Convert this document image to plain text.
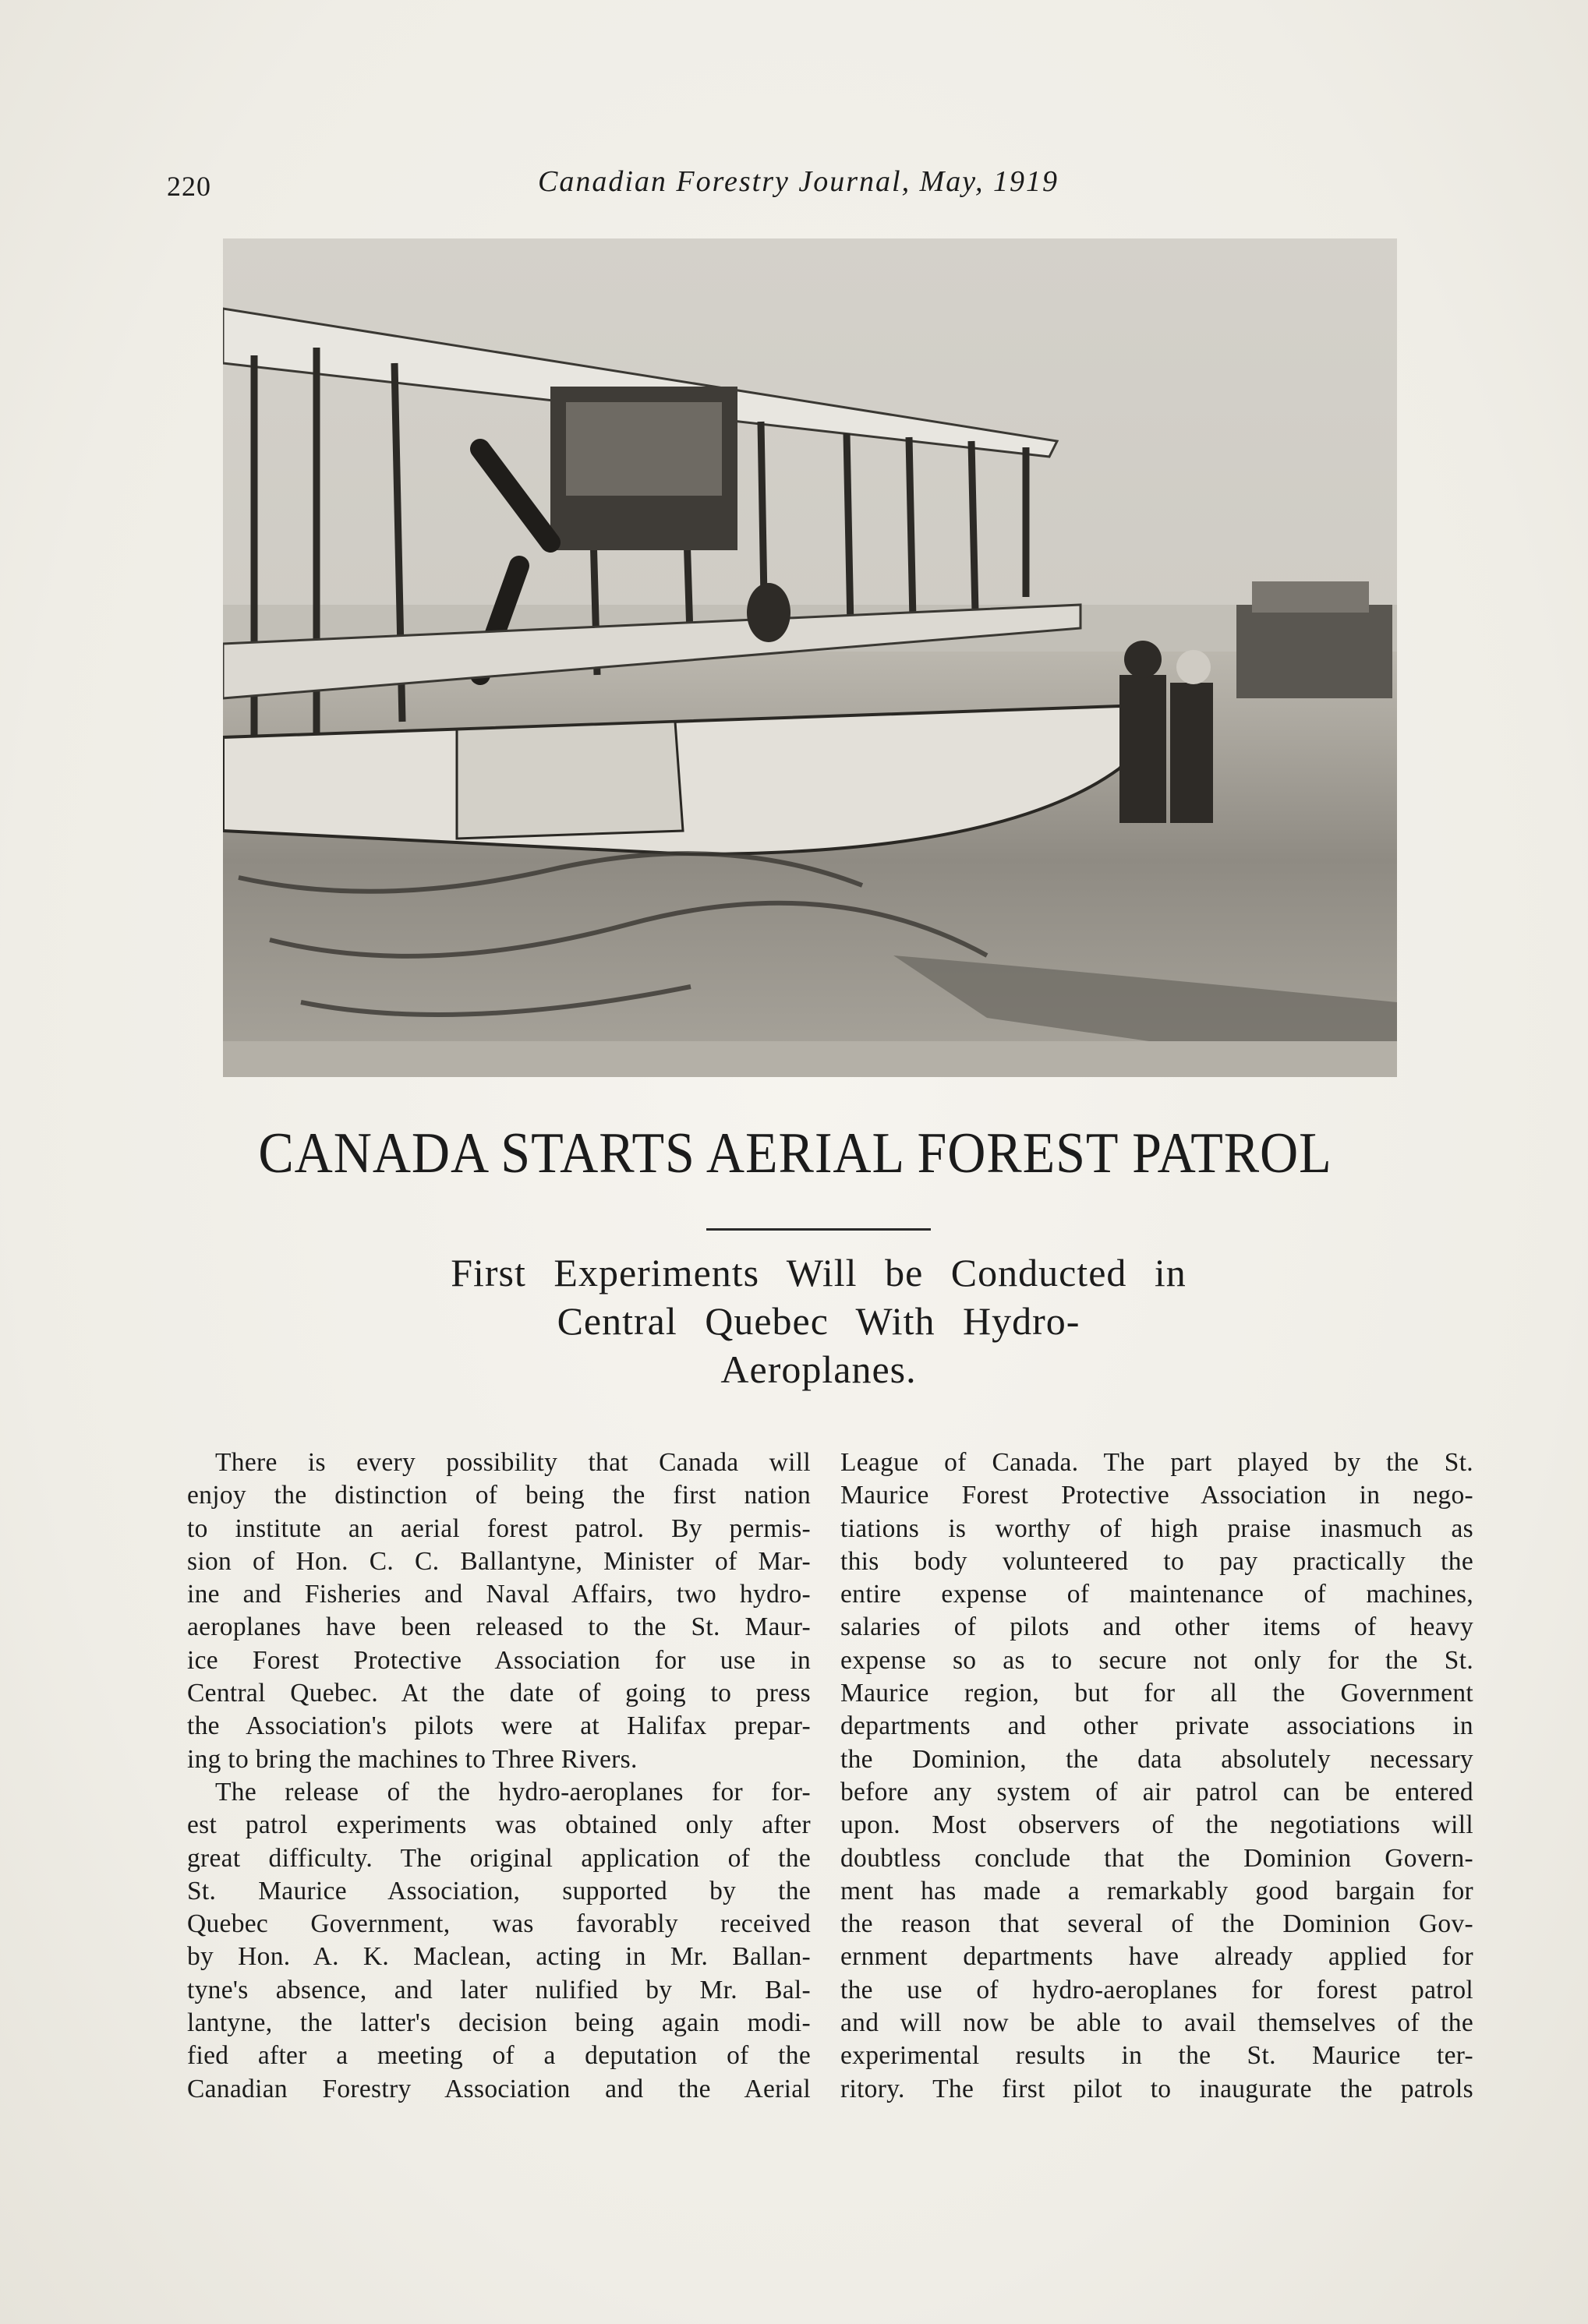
220	Canadian Forestry Journal, May, 1919
CANADA STARTS AERIAL FOREST PATROL
First Experiments Will be Conducted in
Central Quebec With Hydro-
Aeroplanes.
There is every possibility that Canada will
enjoy the distinction of being the first nation
to institute an aerial forest patrol. By permis-
sion of Hon. C. C. Ballantyne, Minister of Mar-
ine and Fisheries and Naval Affairs, two hydro-
aeroplanes have been released to the St. Maur-
ice Forest Protective Association for use in
Central Quebec. At the date of going to press
the Association's pilots were at Halifax prepar-
ing to bring the machines to Three Rivers.
The release of the hydro-aeroplanes for for-
est patrol experiments was obtained only after
great difficulty. The original application of the
St. Maurice Association, supported by the
Quebec Government, was favorably received
by Hon. A. K. Maclean, acting in Mr. Ballan-
tyne's absence, and later nulified by Mr. Bal-
lantyne, the latter's decision being again modi-
fied after a meeting of a deputation of the
Canadian Forestry Association and the Aerial
League of Canada. The part played by the St.
Maurice Forest Protective Association in nego-
tiations is worthy of high praise inasmuch as
this body volunteered to pay practically the
entire expense of maintenance of machines,
salaries of pilots and other items of heavy
expense so as to secure not only for the St.
Maurice region, but for all the Government
departments and other private associations in
the Dominion, the data absolutely necessary
before any system of air patrol can be entered
upon. Most observers of the negotiations will
doubtless conclude that the Dominion Govern-
ment has made a remarkably good bargain for
the reason that several of the Dominion Gov-
ernment departments have already applied for
the use of hydro-aeroplanes for forest patrol
and will now be able to avail themselves of the
experimental results in the St. Maurice ter-
ritory. The first pilot to inaugurate the patrols
